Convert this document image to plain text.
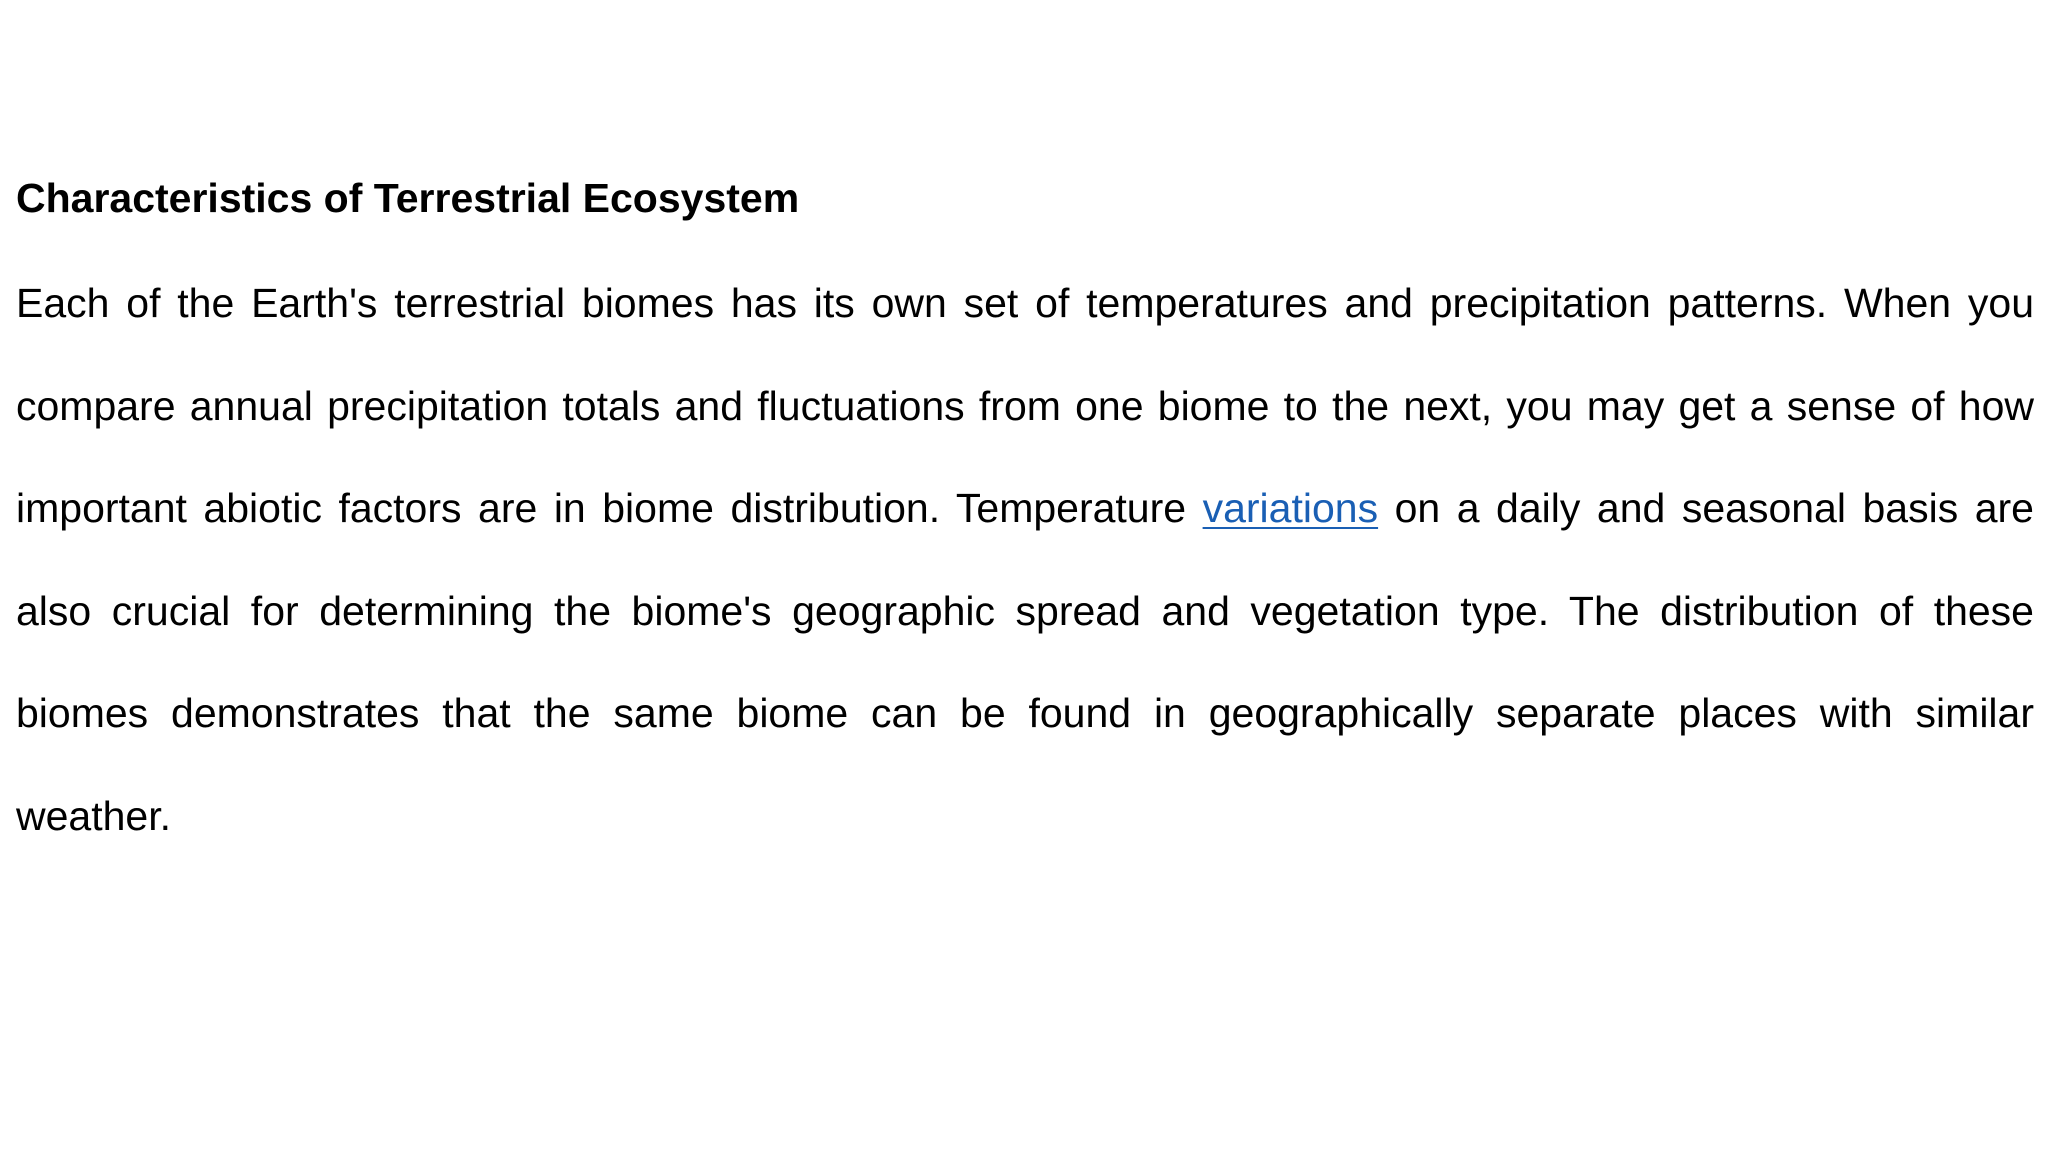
Characteristics of Terrestrial Ecosystem

Each of the Earth's terrestrial biomes has its own set of temperatures and precipitation patterns. When you compare annual precipitation totals and fluctuations from one biome to the next, you may get a sense of how important abiotic factors are in biome distribution. Temperature variations on a daily and seasonal basis are also crucial for determining the biome's geographic spread and vegetation type. The distribution of these biomes demonstrates that the same biome can be found in geographically separate places with similar weather.
